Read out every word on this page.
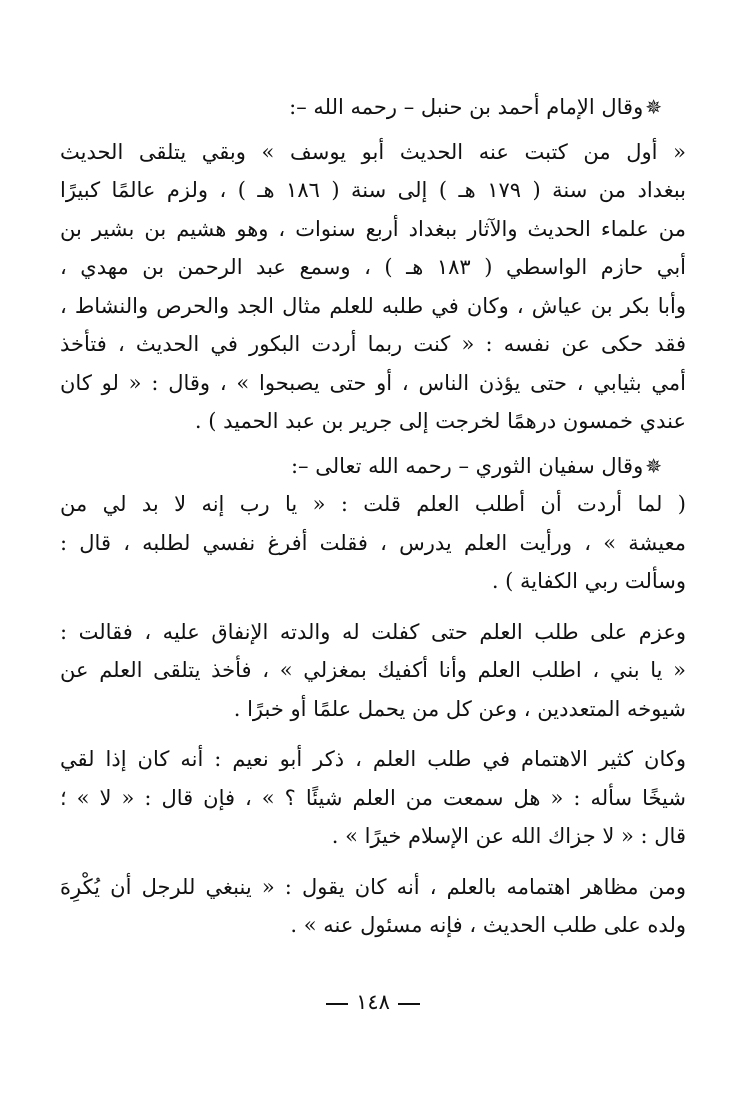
✵وقال الإمام أحمد بن حنبل – رحمه الله –:
« أول من كتبت عنه الحديث أبو يوسف » وبقي يتلقى الحديث
ببغداد من سنة ( ١٧٩ هـ ) إلى سنة ( ١٨٦ هـ ) ، ولزم عالمًا كبيرًا
من علماء الحديث والآثار ببغداد أربع سنوات ، وهو هشيم بن بشير بن
أبي حازم الواسطي ( ١٨٣ هـ ) ، وسمع عبد الرحمن بن مهدي ،
وأبا بكر بن عياش ، وكان في طلبه للعلم مثال الجد والحرص والنشاط ،
فقد حكى عن نفسه : « كنت ربما أردت البكور في الحديث ، فتأخذ
أمي بثيابي ، حتى يؤذن الناس ، أو حتى يصبحوا » ، وقال : « لو كان
عندي خمسون درهمًا لخرجت إلى جرير بن عبد الحميد ) .
✵وقال سفيان الثوري – رحمه الله تعالى –:
( لما أردت أن أطلب العلم قلت : « يا رب إنه لا بد لي من
معيشة » ، ورأيت العلم يدرس ، فقلت أفرغ نفسي لطلبه ، قال :
وسألت ربي الكفاية ) .
وعزم على طلب العلم حتى كفلت له والدته الإنفاق عليه ، فقالت :
« يا بني ، اطلب العلم وأنا أكفيك بمغزلي » ، فأخذ يتلقى العلم عن
شيوخه المتعددين ، وعن كل من يحمل علمًا أو خبرًا .
وكان كثير الاهتمام في طلب العلم ، ذكر أبو نعيم : أنه كان إذا لقي
شيخًا سأله : « هل سمعت من العلم شيئًا ؟ » ، فإن قال : « لا » ؛
قال : « لا جزاك الله عن الإسلام خيرًا » .
ومن مظاهر اهتمامه بالعلم ، أنه كان يقول : « ينبغي للرجل أن يُكْرِهَ
ولده على طلب الحديث ، فإنه مسئول عنه » .
١٤٨
